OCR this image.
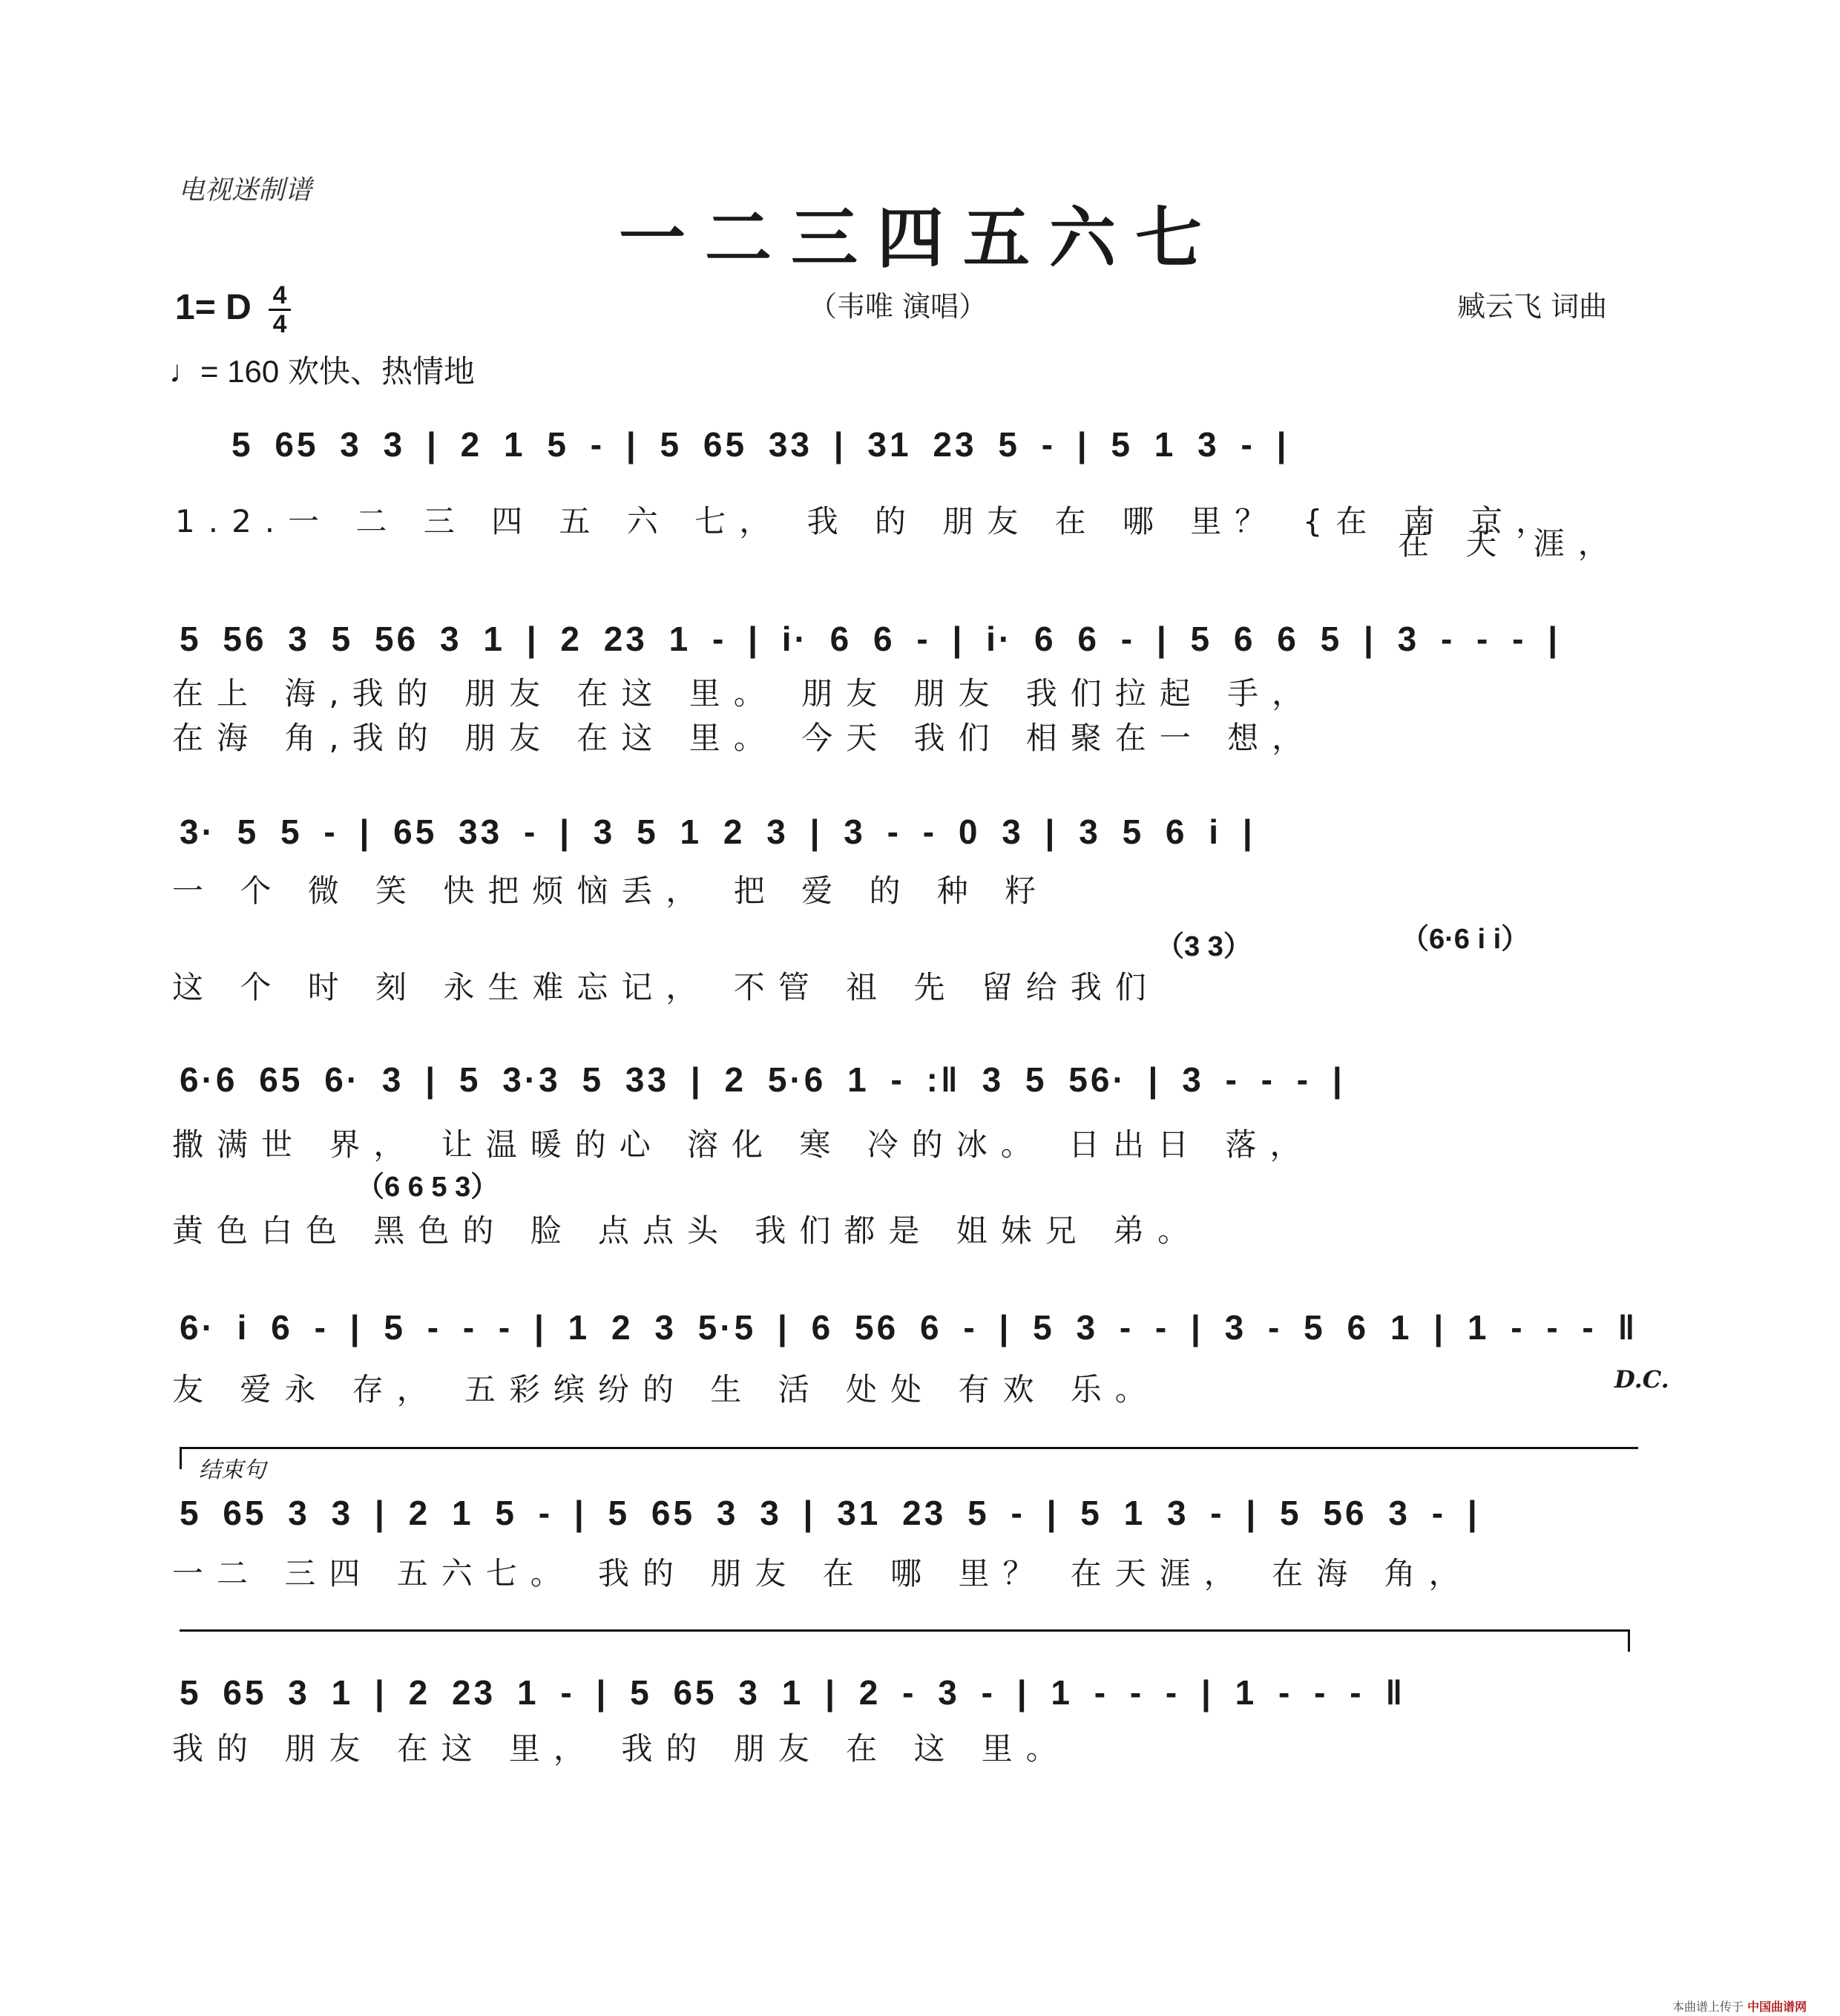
电视迷制谱
一二三四五六七
1= D $\frac{4}{4}$	（韦唯 演唱）	臧云飞 词曲
♩= 160 欢快、热情地
5 65 3 3 | 2 1 5 - | 5 65 33 | 31 23 5 - | 5 1 3 - |
1.2.一 二 三 四 五 六 七， 我 的 朋友 在 哪 里？ {在 南 京，
在 天 涯，
5 56 3 5 56 3 1 | 2 23 1 - | i· 6 6 - | i· 6 6 - | 5 6 6 5 | 3 - - - |
在上 海,我的 朋友 在这 里。 朋友 朋友 我们拉起 手，
在海 角,我的 朋友 在这 里。 今天 我们 相聚在一 想，
3· 5 5 - | 65 33 - | 3 5 1 2 3 | 3 - - 0 3 | 3 5 6 i |
一 个 微 笑 快把烦恼丢， 把 爱 的 种 籽
（3 3）	（6·6 i i）
这 个 时 刻 永生难忘记， 不管 祖 先 留给我们
6·6 65 6· 3 | 5 3·3 5 33 | 2 5·6 1 - :‖ 3 5 56· | 3 - - - |
撒满世 界， 让温暖的心 溶化 寒 冷的冰。 日出日 落，
（6 6 5 3）
黄色白色 黑色的 脸 点点头 我们都是 姐妹兄 弟。
6· i 6 - | 5 - - - | 1 2 3 5·5 | 6 56 6 - | 5 3 - - | 3 - 5 6 1 | 1 - - - ‖
友 爱永 存， 五彩缤纷的 生 活 处处 有欢 乐。	D.C.
结束句
5 65 3 3 | 2 1 5 - | 5 65 3 3 | 31 23 5 - | 5 1 3 - | 5 56 3 - |
一二 三四 五六七。 我的 朋友 在 哪 里？ 在天涯， 在海 角，
5 65 3 1 | 2 23 1 - | 5 65 3 1 | 2 - 3 - | 1 - - - | 1 - - - ‖
我的 朋友 在这 里， 我的 朋友 在 这 里。
本曲谱上传于 中国曲谱网
